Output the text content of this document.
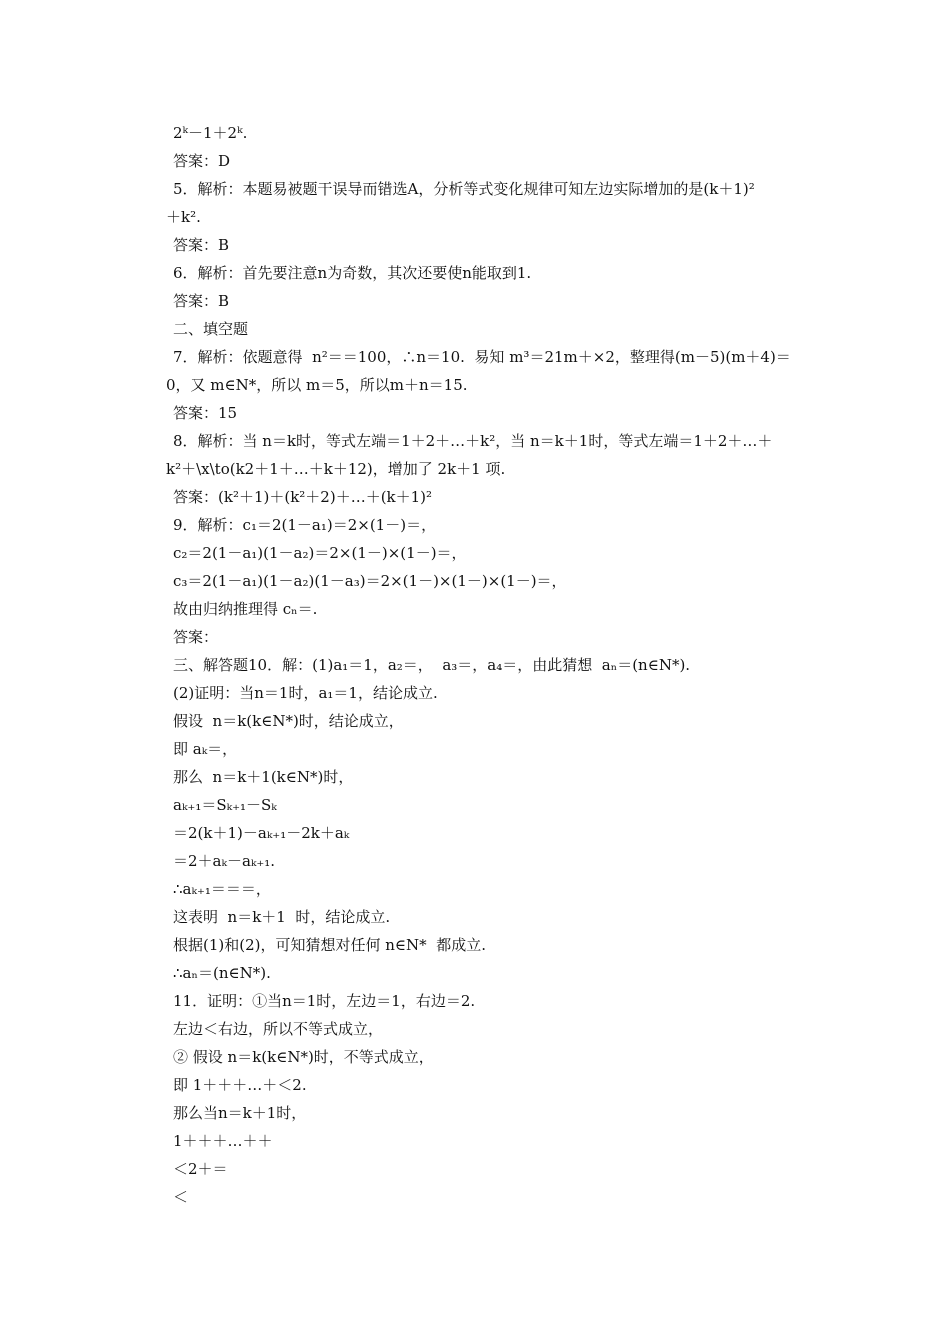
2ᵏ－1＋2ᵏ.
答案：D
5．解析：本题易被题干误导而错选A，分析等式变化规律可知左边实际增加的是(k＋1)²
＋k².
答案：B
6．解析：首先要注意n为奇数，其次还要使n能取到1.
答案：B
二、填空题
7．解析：依题意得  n²＝＝100，∴n＝10.  易知 m³＝21m＋×2，整理得(m－5)(m＋4)＝
0，又 m∈N*，所以 m＝5，所以m＋n＝15.
答案：15
8．解析：当 n＝k时，等式左端＝1＋2＋…＋k²，当 n＝k＋1时，等式左端＝1＋2＋…＋
k²＋\x\to(k2＋1＋…＋k＋12)，增加了 2k＋1 项.
答案：(k²＋1)＋(k²＋2)＋…＋(k＋1)²
9．解析：c₁＝2(1－a₁)＝2×(1－)＝，
c₂＝2(1－a₁)(1－a₂)＝2×(1－)×(1－)＝，
c₃＝2(1－a₁)(1－a₂)(1－a₃)＝2×(1－)×(1－)×(1－)＝，
故由归纳推理得 cₙ＝.
答案：
三、解答题10．解：(1)a₁＝1，a₂＝，  a₃＝，a₄＝，由此猜想  aₙ＝(n∈N*).
(2)证明：当n＝1时，a₁＝1，结论成立.
假设  n＝k(k∈N*)时，结论成立，
即 aₖ＝，
那么  n＝k＋1(k∈N*)时，
aₖ₊₁＝Sₖ₊₁－Sₖ
＝2(k＋1)－aₖ₊₁－2k＋aₖ
＝2＋aₖ－aₖ₊₁.
∴aₖ₊₁＝＝＝，
这表明  n＝k＋1  时，结论成立.
根据(1)和(2)，可知猜想对任何 n∈N*  都成立.
∴aₙ＝(n∈N*).
11．证明：①当n＝1时，左边＝1，右边＝2.
左边＜右边，所以不等式成立，
② 假设 n＝k(k∈N*)时，不等式成立，
即 1＋＋＋…＋＜2.
那么当n＝k＋1时，
1＋＋＋…＋＋
＜2＋＝
＜
